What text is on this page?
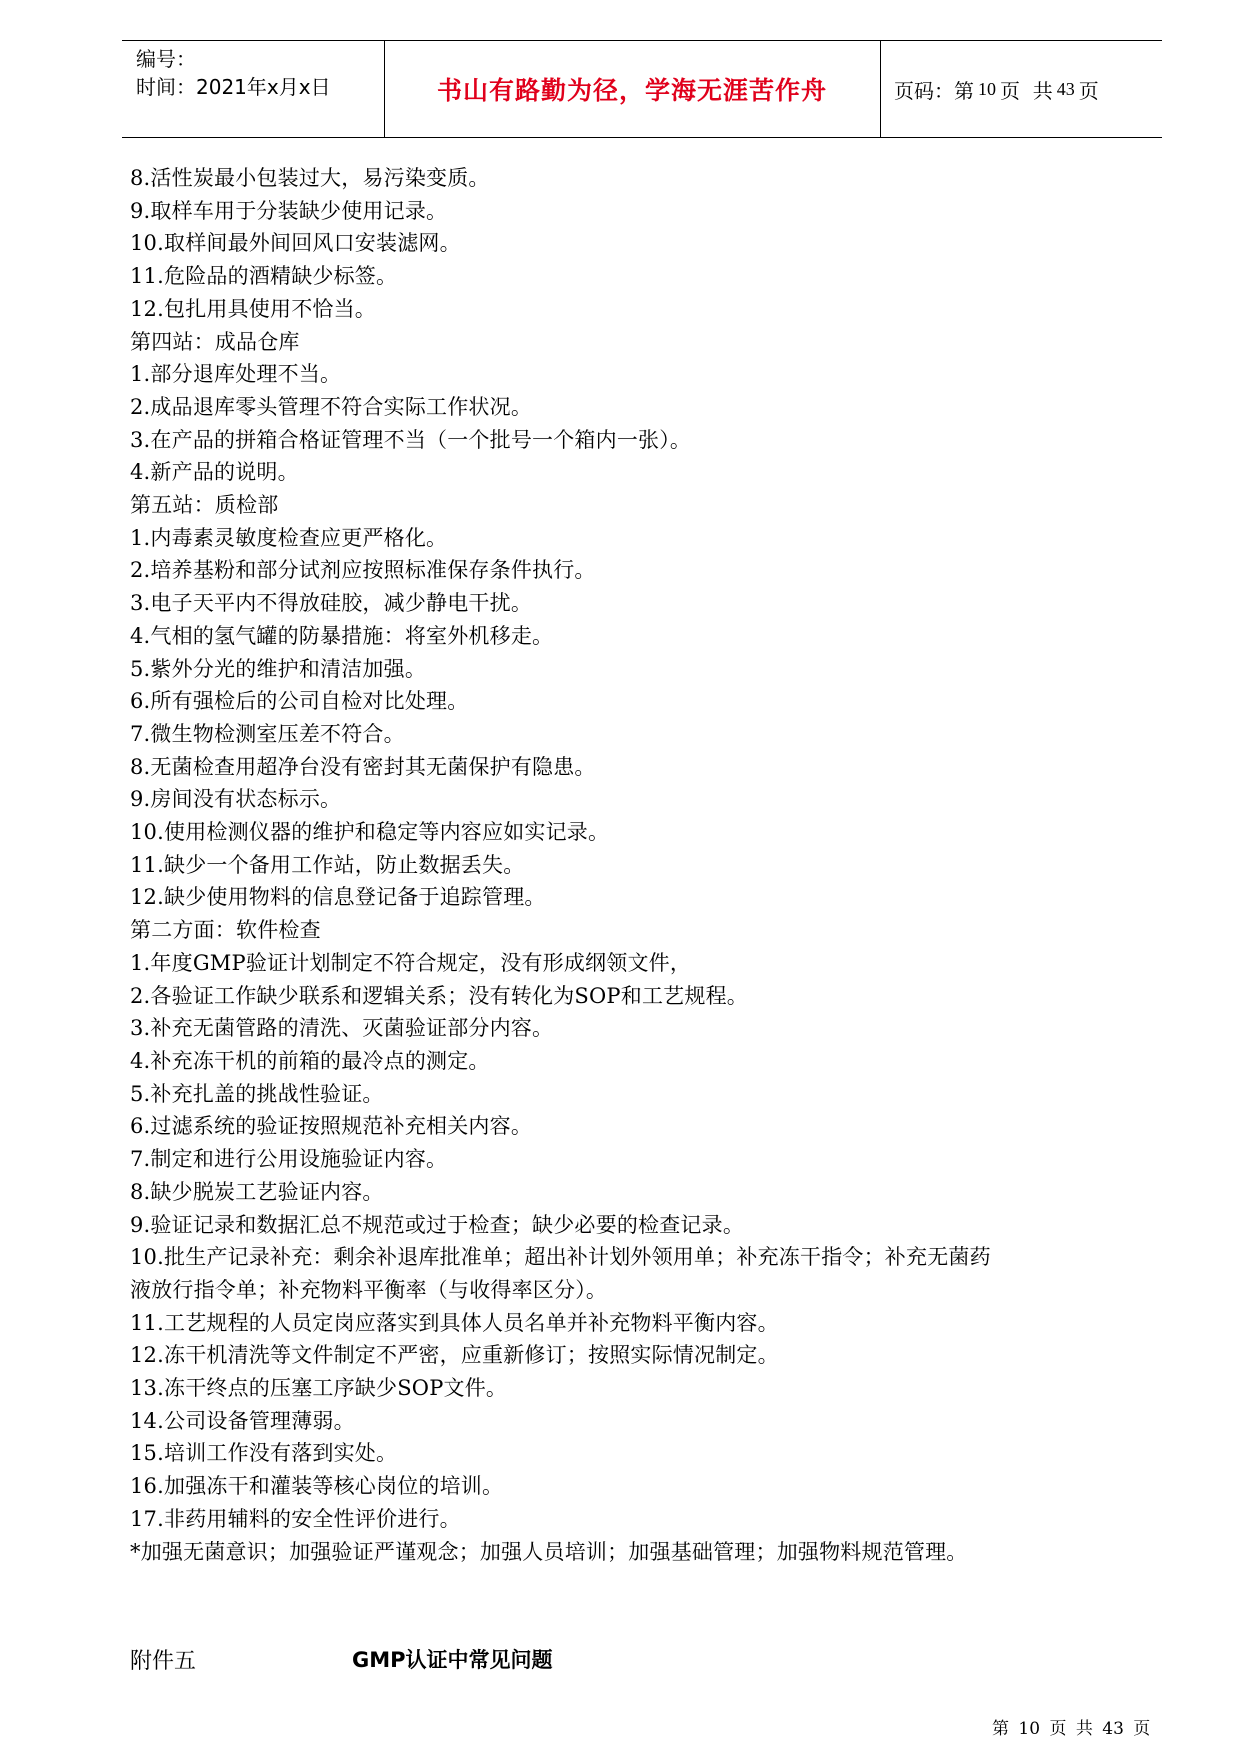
编号：
时间：2021年x月x日	书山有路勤为径，学海无涯苦作舟	页码：第 10 页  共 43 页
8.活性炭最小包装过大，易污染变质。
9.取样车用于分装缺少使用记录。
10.取样间最外间回风口安装滤网。
11.危险品的酒精缺少标签。
12.包扎用具使用不恰当。
第四站：成品仓库
1.部分退库处理不当。
2.成品退库零头管理不符合实际工作状况。
3.在产品的拼箱合格证管理不当（一个批号一个箱内一张）。
4.新产品的说明。
第五站：质检部
1.内毒素灵敏度检查应更严格化。
2.培养基粉和部分试剂应按照标准保存条件执行。
3.电子天平内不得放硅胶，减少静电干扰。
4.气相的氢气罐的防暴措施：将室外机移走。
5.紫外分光的维护和清洁加强。
6.所有强检后的公司自检对比处理。
7.微生物检测室压差不符合。
8.无菌检查用超净台没有密封其无菌保护有隐患。
9.房间没有状态标示。
10.使用检测仪器的维护和稳定等内容应如实记录。
11.缺少一个备用工作站，防止数据丢失。
12.缺少使用物料的信息登记备于追踪管理。
第二方面：软件检查
1.年度GMP验证计划制定不符合规定，没有形成纲领文件，
2.各验证工作缺少联系和逻辑关系；没有转化为SOP和工艺规程。
3.补充无菌管路的清洗、灭菌验证部分内容。
4.补充冻干机的前箱的最冷点的测定。
5.补充扎盖的挑战性验证。
6.过滤系统的验证按照规范补充相关内容。
7.制定和进行公用设施验证内容。
8.缺少脱炭工艺验证内容。
9.验证记录和数据汇总不规范或过于检查；缺少必要的检查记录。
10.批生产记录补充：剩余补退库批准单；超出补计划外领用单；补充冻干指令；补充无菌药
液放行指令单；补充物料平衡率（与收得率区分）。
11.工艺规程的人员定岗应落实到具体人员名单并补充物料平衡内容。
12.冻干机清洗等文件制定不严密，应重新修订；按照实际情况制定。
13.冻干终点的压塞工序缺少SOP文件。
14.公司设备管理薄弱。
15.培训工作没有落到实处。
16.加强冻干和灌装等核心岗位的培训。
17.非药用辅料的安全性评价进行。
*加强无菌意识；加强验证严谨观念；加强人员培训；加强基础管理；加强物料规范管理。
附件五	GMP认证中常见问题
第 10 页 共 43 页
